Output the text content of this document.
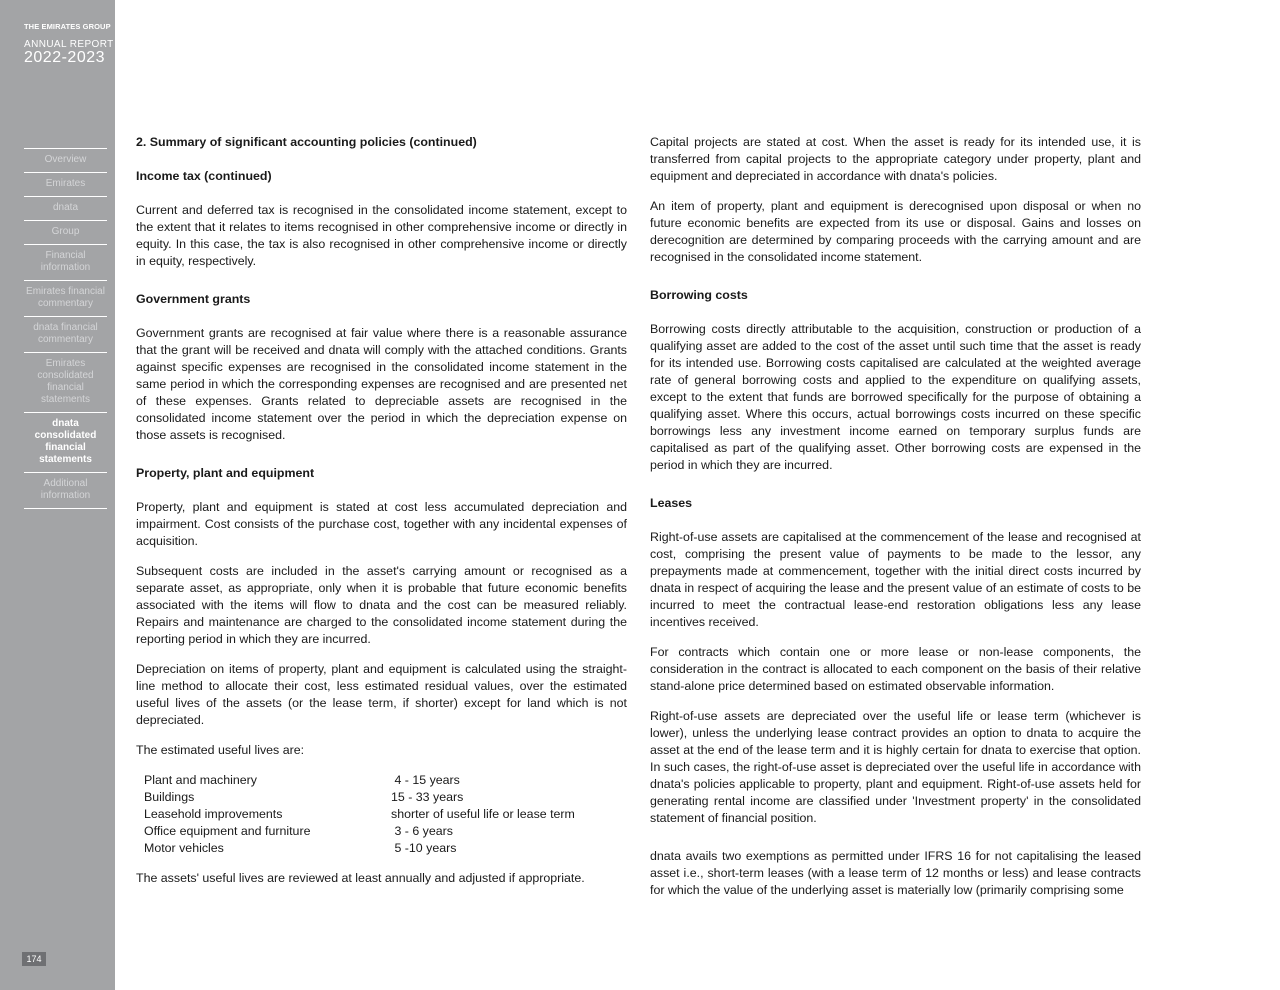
THE EMIRATES GROUP
ANNUAL REPORT
2022-2023
Overview
Emirates
dnata
Group
Financial information
Emirates financial commentary
dnata financial commentary
Emirates consolidated financial statements
dnata consolidated financial statements
Additional information
174
2. Summary of significant accounting policies (continued)
Income tax (continued)

Current and deferred tax is recognised in the consolidated income statement, except to the extent that it relates to items recognised in other comprehensive income or directly in equity. In this case, the tax is also recognised in other comprehensive income or directly in equity, respectively.

Government grants

Government grants are recognised at fair value where there is a reasonable assurance that the grant will be received and dnata will comply with the attached conditions. Grants against specific expenses are recognised in the consolidated income statement in the same period in which the corresponding expenses are recognised and are presented net of these expenses. Grants related to depreciable assets are recognised in the consolidated income statement over the period in which the depreciation expense on those assets is recognised.

Property, plant and equipment

Property, plant and equipment is stated at cost less accumulated depreciation and impairment. Cost consists of the purchase cost, together with any incidental expenses of acquisition.

Subsequent costs are included in the asset's carrying amount or recognised as a separate asset, as appropriate, only when it is probable that future economic benefits associated with the items will flow to dnata and the cost can be measured reliably. Repairs and maintenance are charged to the consolidated income statement during the reporting period in which they are incurred.

Depreciation on items of property, plant and equipment is calculated using the straight-line method to allocate their cost, less estimated residual values, over the estimated useful lives of the assets (or the lease term, if shorter) except for land which is not depreciated.

The estimated useful lives are:

Plant and machinery	4 - 15 years
Buildings	15 - 33 years
Leasehold improvements	shorter of useful life or lease term
Office equipment and furniture	3 - 6 years
Motor vehicles	5 -10 years

The assets' useful lives are reviewed at least annually and adjusted if appropriate.

Capital projects are stated at cost. When the asset is ready for its intended use, it is transferred from capital projects to the appropriate category under property, plant and equipment and depreciated in accordance with dnata's policies.

An item of property, plant and equipment is derecognised upon disposal or when no future economic benefits are expected from its use or disposal. Gains and losses on derecognition are determined by comparing proceeds with the carrying amount and are recognised in the consolidated income statement.

Borrowing costs

Borrowing costs directly attributable to the acquisition, construction or production of a qualifying asset are added to the cost of the asset until such time that the asset is ready for its intended use. Borrowing costs capitalised are calculated at the weighted average rate of general borrowing costs and applied to the expenditure on qualifying assets, except to the extent that funds are borrowed specifically for the purpose of obtaining a qualifying asset. Where this occurs, actual borrowings costs incurred on these specific borrowings less any investment income earned on temporary surplus funds are capitalised as part of the qualifying asset. Other borrowing costs are expensed in the period in which they are incurred.

Leases

Right-of-use assets are capitalised at the commencement of the lease and recognised at cost, comprising the present value of payments to be made to the lessor, any prepayments made at commencement, together with the initial direct costs incurred by dnata in respect of acquiring the lease and the present value of an estimate of costs to be incurred to meet the contractual lease-end restoration obligations less any lease incentives received.

For contracts which contain one or more lease or non-lease components, the consideration in the contract is allocated to each component on the basis of their relative stand-alone price determined based on estimated observable information.

Right-of-use assets are depreciated over the useful life or lease term (whichever is lower), unless the underlying lease contract provides an option to dnata to acquire the asset at the end of the lease term and it is highly certain for dnata to exercise that option. In such cases, the right-of-use asset is depreciated over the useful life in accordance with dnata's policies applicable to property, plant and equipment. Right-of-use assets held for generating rental income are classified under 'Investment property' in the consolidated statement of financial position.

dnata avails two exemptions as permitted under IFRS 16 for not capitalising the leased asset i.e., short-term leases (with a lease term of 12 months or less) and lease contracts for which the value of the underlying asset is materially low (primarily comprising some
